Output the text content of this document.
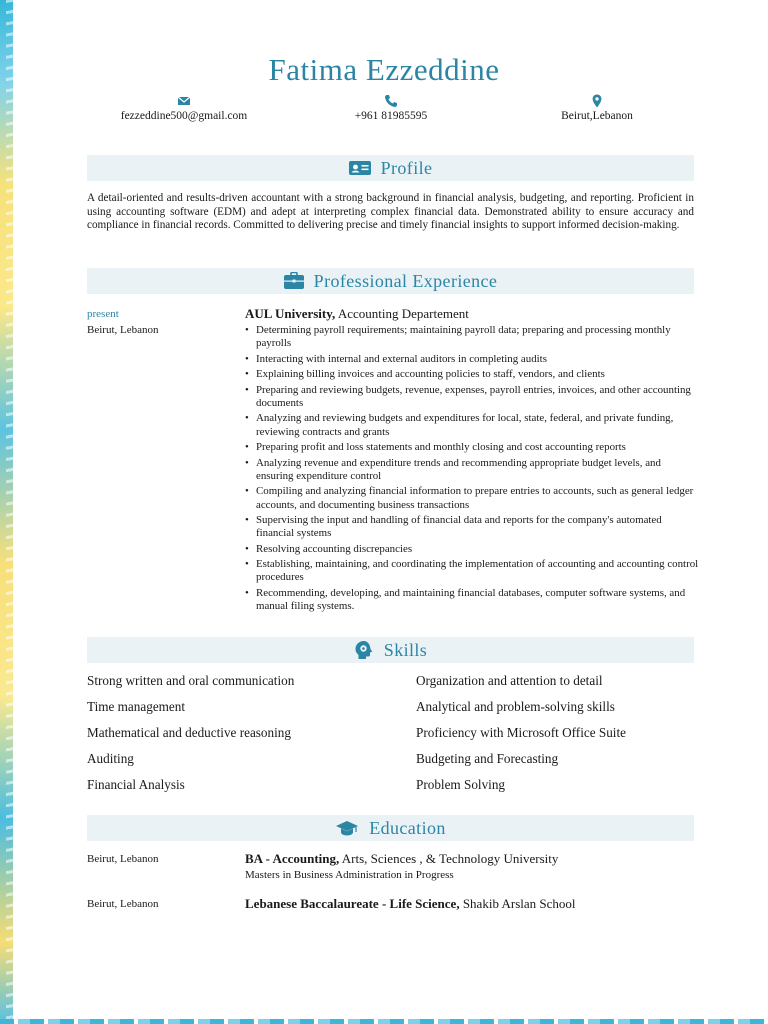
Fatima Ezzeddine
fezzeddine500@gmail.com	+961 81985595	Beirut,Lebanon
Profile
A detail-oriented and results-driven accountant with a strong background in financial analysis, budgeting, and reporting. Proficient in using accounting software (EDM) and adept at interpreting complex financial data. Demonstrated ability to ensure accuracy and compliance in financial records. Committed to delivering precise and timely financial insights to support informed decision-making.
Professional Experience
present
Beirut, Lebanon
AUL University, Accounting Departement
• Determining payroll requirements; maintaining payroll data; preparing and processing monthly payrolls
• Interacting with internal and external auditors in completing audits
• Explaining billing invoices and accounting policies to staff, vendors, and clients
• Preparing and reviewing budgets, revenue, expenses, payroll entries, invoices, and other accounting documents
• Analyzing and reviewing budgets and expenditures for local, state, federal, and private funding, reviewing contracts and grants
• Preparing profit and loss statements and monthly closing and cost accounting reports
• Analyzing revenue and expenditure trends and recommending appropriate budget levels, and ensuring expenditure control
• Compiling and analyzing financial information to prepare entries to accounts, such as general ledger accounts, and documenting business transactions
• Supervising the input and handling of financial data and reports for the company's automated financial systems
• Resolving accounting discrepancies
• Establishing, maintaining, and coordinating the implementation of accounting and accounting control procedures
• Recommending, developing, and maintaining financial databases, computer software systems, and manual filing systems.
Skills
Strong written and oral communication	Organization and attention to detail
Time management	Analytical and problem-solving skills
Mathematical and deductive reasoning	Proficiency with Microsoft Office Suite
Auditing	Budgeting and Forecasting
Financial Analysis	Problem Solving
Education
Beirut, Lebanon	BA - Accounting, Arts, Sciences , & Technology University
Masters in Business Administration in Progress
Beirut, Lebanon	Lebanese Baccalaureate - Life Science, Shakib Arslan School
